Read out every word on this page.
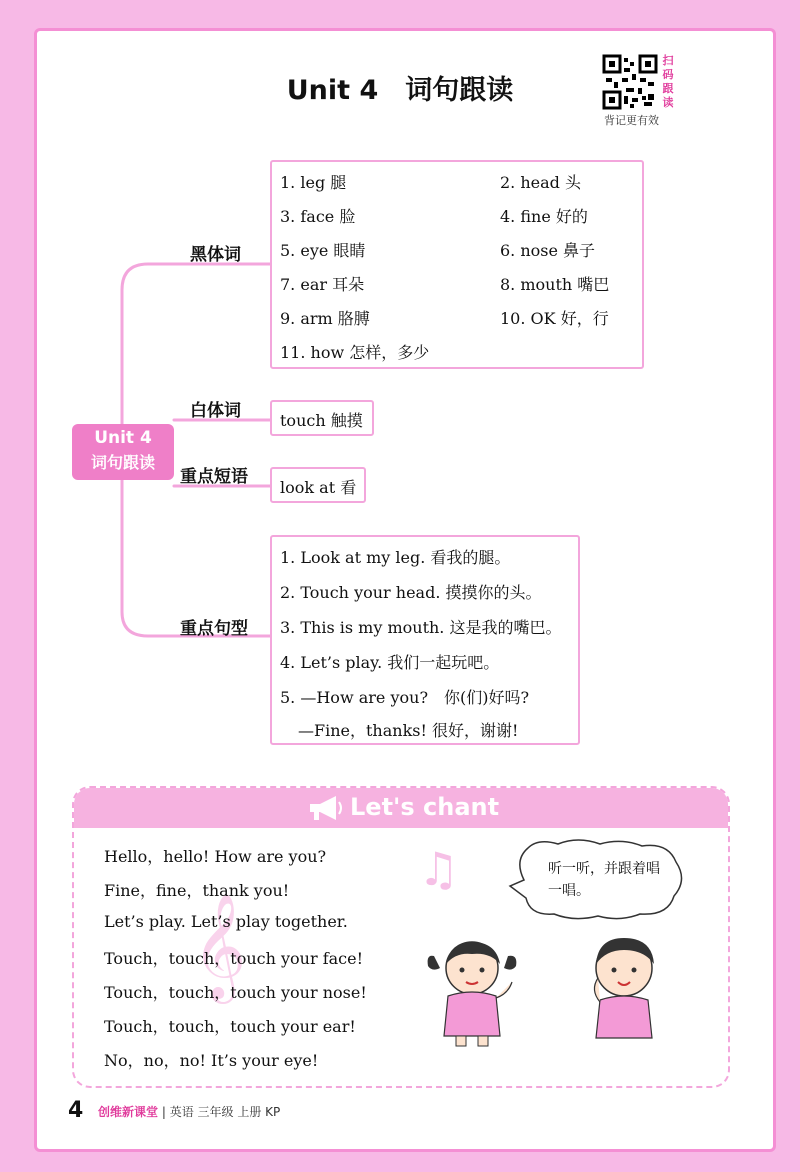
Unit 4　词句跟读
扫
码
跟
读
背记更有效
Unit 4
词句跟读
黑体词
1. leg 腿	2. head 头
3. face 脸	4. fine 好的
5. eye 眼睛	6. nose 鼻子
7. ear 耳朵	8. mouth 嘴巴
9. arm 胳膊	10. OK 好，行
11. how 怎样，多少
白体词 touch 触摸
重点短语
look at 看
重点句型
1. Look at my leg. 看我的腿。
2. Touch your head. 摸摸你的头。
3. This is my mouth. 这是我的嘴巴。
4. Let’s play. 我们一起玩吧。
5. —How are you?　你(们)好吗?
—Fine，thanks! 很好，谢谢!
Let's chant
𝄞
♫
Hello，hello! How are you?
Fine，fine，thank you!
Let’s play. Let’s play together.
Touch，touch，touch your face!
Touch，touch，touch your nose!
Touch，touch，touch your ear!
No，no，no! It’s your eye!
听一听，并跟着唱一唱。
4 创维新课堂 | 英语 三年级 上册 KP
